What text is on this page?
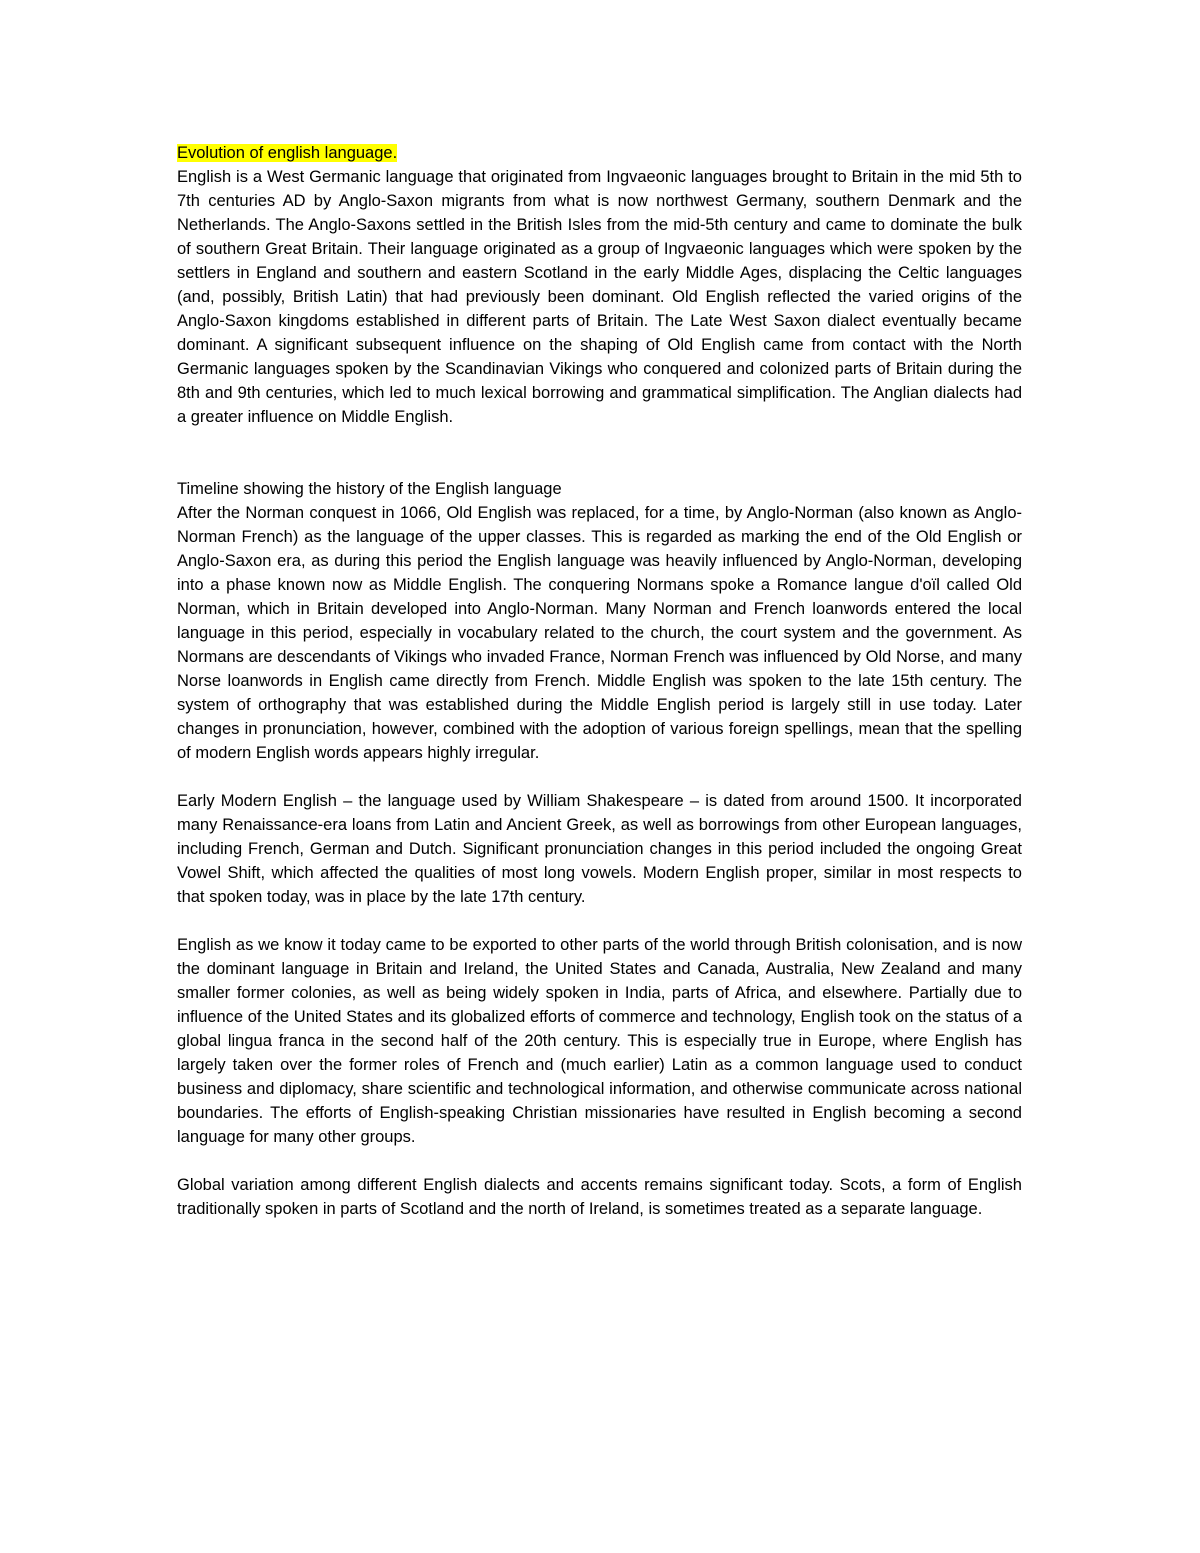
Evolution of english language.

English is a West Germanic language that originated from Ingvaeonic languages brought to Britain in the mid 5th to 7th centuries AD by Anglo-Saxon migrants from what is now northwest Germany, southern Denmark and the Netherlands. The Anglo-Saxons settled in the British Isles from the mid-5th century and came to dominate the bulk of southern Great Britain. Their language originated as a group of Ingvaeonic languages which were spoken by the settlers in England and southern and eastern Scotland in the early Middle Ages, displacing the Celtic languages (and, possibly, British Latin) that had previously been dominant. Old English reflected the varied origins of the Anglo-Saxon kingdoms established in different parts of Britain. The Late West Saxon dialect eventually became dominant. A significant subsequent influence on the shaping of Old English came from contact with the North Germanic languages spoken by the Scandinavian Vikings who conquered and colonized parts of Britain during the 8th and 9th centuries, which led to much lexical borrowing and grammatical simplification. The Anglian dialects had a greater influence on Middle English.

Timeline showing the history of the English language

After the Norman conquest in 1066, Old English was replaced, for a time, by Anglo-Norman (also known as Anglo-Norman French) as the language of the upper classes. This is regarded as marking the end of the Old English or Anglo-Saxon era, as during this period the English language was heavily influenced by Anglo-Norman, developing into a phase known now as Middle English. The conquering Normans spoke a Romance langue d'oïl called Old Norman, which in Britain developed into Anglo-Norman. Many Norman and French loanwords entered the local language in this period, especially in vocabulary related to the church, the court system and the government. As Normans are descendants of Vikings who invaded France, Norman French was influenced by Old Norse, and many Norse loanwords in English came directly from French. Middle English was spoken to the late 15th century. The system of orthography that was established during the Middle English period is largely still in use today. Later changes in pronunciation, however, combined with the adoption of various foreign spellings, mean that the spelling of modern English words appears highly irregular.

Early Modern English – the language used by William Shakespeare – is dated from around 1500. It incorporated many Renaissance-era loans from Latin and Ancient Greek, as well as borrowings from other European languages, including French, German and Dutch. Significant pronunciation changes in this period included the ongoing Great Vowel Shift, which affected the qualities of most long vowels. Modern English proper, similar in most respects to that spoken today, was in place by the late 17th century.

English as we know it today came to be exported to other parts of the world through British colonisation, and is now the dominant language in Britain and Ireland, the United States and Canada, Australia, New Zealand and many smaller former colonies, as well as being widely spoken in India, parts of Africa, and elsewhere. Partially due to influence of the United States and its globalized efforts of commerce and technology, English took on the status of a global lingua franca in the second half of the 20th century. This is especially true in Europe, where English has largely taken over the former roles of French and (much earlier) Latin as a common language used to conduct business and diplomacy, share scientific and technological information, and otherwise communicate across national boundaries. The efforts of English-speaking Christian missionaries have resulted in English becoming a second language for many other groups.

Global variation among different English dialects and accents remains significant today. Scots, a form of English traditionally spoken in parts of Scotland and the north of Ireland, is sometimes treated as a separate language.
